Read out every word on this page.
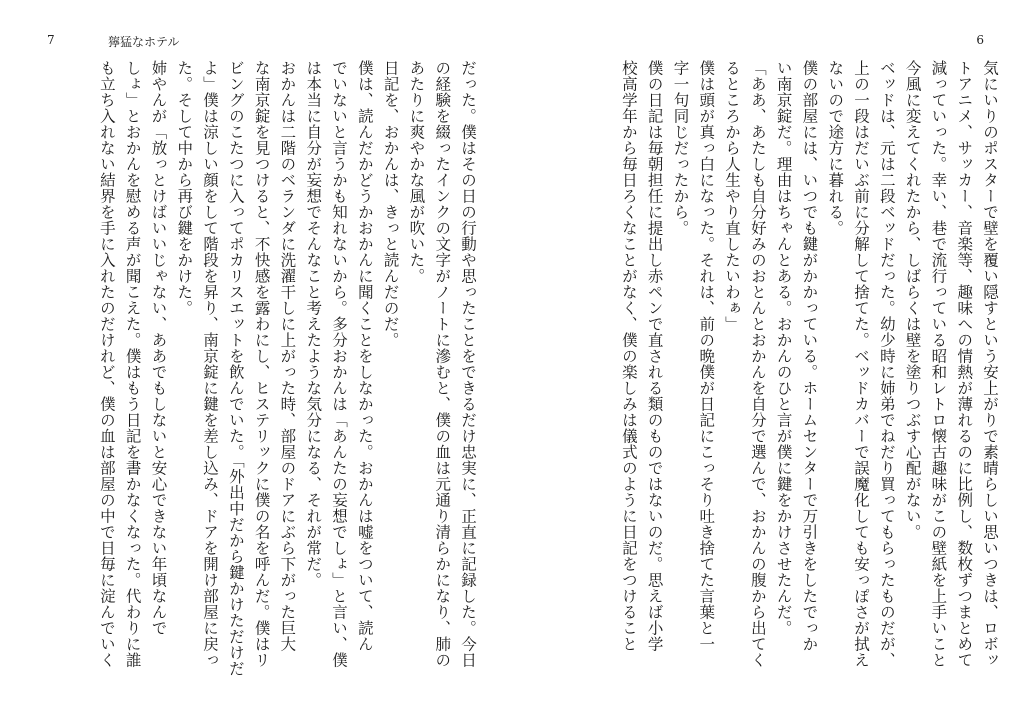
6
気にいりのポスターで壁を覆い隠すという安上がりで素晴らしい思いつきは、ロボッ
トアニメ、サッカー、音楽等、趣味への情熱が薄れるのに比例し、数枚ずつまとめて
減っていった。幸い、巷で流行っている昭和レトロ懐古趣味がこの壁紙を上手いこと
今風に変えてくれたから、しばらくは壁を塗りつぶす心配がない。
ベッドは、元は二段ベッドだった。幼少時に姉弟でねだり買ってもらったものだが、
上の一段はだいぶ前に分解して捨てた。ベッドカバーで誤魔化しても安っぽさが拭え
ないので途方に暮れる。
僕の部屋には、いつでも鍵がかかっている。ホームセンターで万引きをしたでっか
い南京錠だ。理由はちゃんとある。おかんのひと言が僕に鍵をかけさせたんだ。
「ああ、あたしも自分好みのおとんとおかんを自分で選んで、おかんの腹から出てく
るところから人生やり直したいわぁ」
僕は頭が真っ白になった。それは、前の晩僕が日記にこっそり吐き捨てた言葉と一
字一句同じだったから。
僕の日記は毎朝担任に提出し赤ペンで直される類のものではないのだ。思えば小学
校高学年から毎日ろくなことがなく、僕の楽しみは儀式のように日記をつけること
7	獰猛なホテル
だった。僕はその日の行動や思ったことをできるだけ忠実に、正直に記録した。今日
の経験を綴ったインクの文字がノートに滲むと、僕の血は元通り清らかになり、肺の
あたりに爽やかな風が吹いた。
日記を、おかんは、きっと読んだのだ。
僕は、読んだかどうかおかんに聞くことをしなかった。おかんは嘘をついて、読ん
でいないと言うかも知れないから。多分おかんは「あんたの妄想でしょ」と言い、僕
は本当に自分が妄想でそんなこと考えたような気分になる、それが常だ。
おかんは二階のベランダに洗濯干しに上がった時、部屋のドアにぶら下がった巨大
な南京錠を見つけると、不快感を露わにし、ヒステリックに僕の名を呼んだ。僕はリ
ビングのこたつに入ってポカリスエットを飲んでいた。「外出中だから鍵かけただけだ
よ」僕は涼しい顔をして階段を昇り、南京錠に鍵を差し込み、ドアを開け部屋に戻っ
た。そして中から再び鍵をかけた。
姉やんが「放っとけばいいじゃない、ああでもしないと安心できない年頃なんで
しょ」とおかんを慰める声が聞こえた。僕はもう日記を書かなくなった。代わりに誰
も立ち入れない結界を手に入れたのだけれど、僕の血は部屋の中で日毎に淀んでいく
